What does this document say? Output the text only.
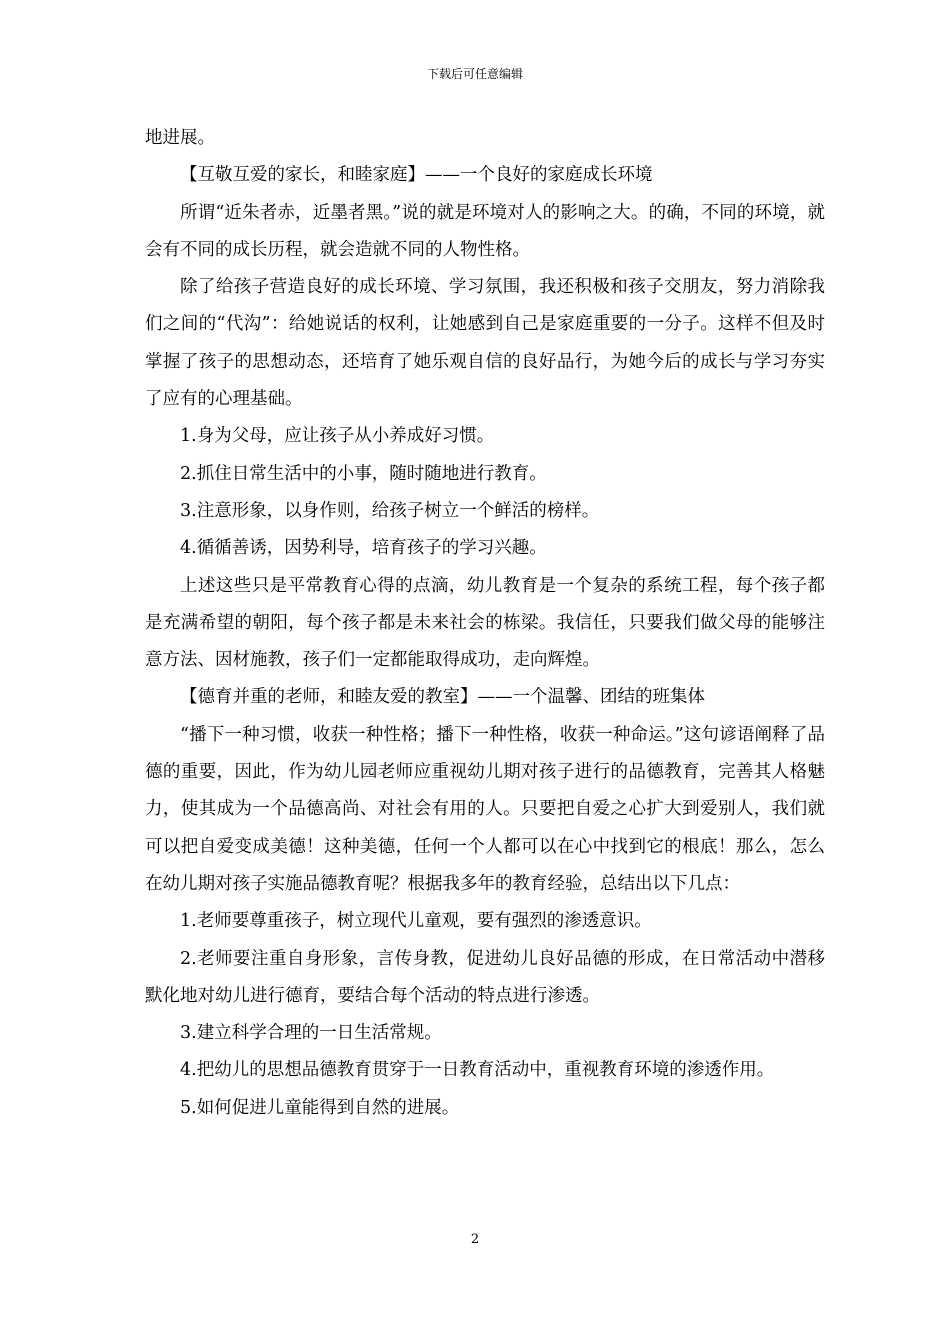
下载后可任意编辑

地进展。

【互敬互爱的家长，和睦家庭】——一个良好的家庭成长环境

所谓“近朱者赤，近墨者黑。”说的就是环境对人的影响之大。的确，不同的环境，就会有不同的成长历程，就会造就不同的人物性格。

除了给孩子营造良好的成长环境、学习氛围，我还积极和孩子交朋友，努力消除我们之间的“代沟”：给她说话的权利，让她感到自己是家庭重要的一分子。这样不但及时掌握了孩子的思想动态，还培育了她乐观自信的良好品行，为她今后的成长与学习夯实了应有的心理基础。

1.身为父母，应让孩子从小养成好习惯。

2.抓住日常生活中的小事，随时随地进行教育。

3.注意形象，以身作则，给孩子树立一个鲜活的榜样。

4.循循善诱，因势利导，培育孩子的学习兴趣。

上述这些只是平常教育心得的点滴，幼儿教育是一个复杂的系统工程，每个孩子都是充满希望的朝阳，每个孩子都是未来社会的栋梁。我信任，只要我们做父母的能够注意方法、因材施教，孩子们一定都能取得成功，走向辉煌。

【德育并重的老师，和睦友爱的教室】——一个温馨、团结的班集体

“播下一种习惯，收获一种性格；播下一种性格，收获一种命运。”这句谚语阐释了品德的重要，因此，作为幼儿园老师应重视幼儿期对孩子进行的品德教育，完善其人格魅力，使其成为一个品德高尚、对社会有用的人。只要把自爱之心扩大到爱别人，我们就可以把自爱变成美德！这种美德，任何一个人都可以在心中找到它的根底！那么，怎么在幼儿期对孩子实施品德教育呢？根据我多年的教育经验，总结出以下几点：

1.老师要尊重孩子，树立现代儿童观，要有强烈的渗透意识。

2.老师要注重自身形象，言传身教，促进幼儿良好品德的形成，在日常活动中潜移默化地对幼儿进行德育，要结合每个活动的特点进行渗透。

3.建立科学合理的一日生活常规。

4.把幼儿的思想品德教育贯穿于一日教育活动中，重视教育环境的渗透作用。

5.如何促进儿童能得到自然的进展。

2
